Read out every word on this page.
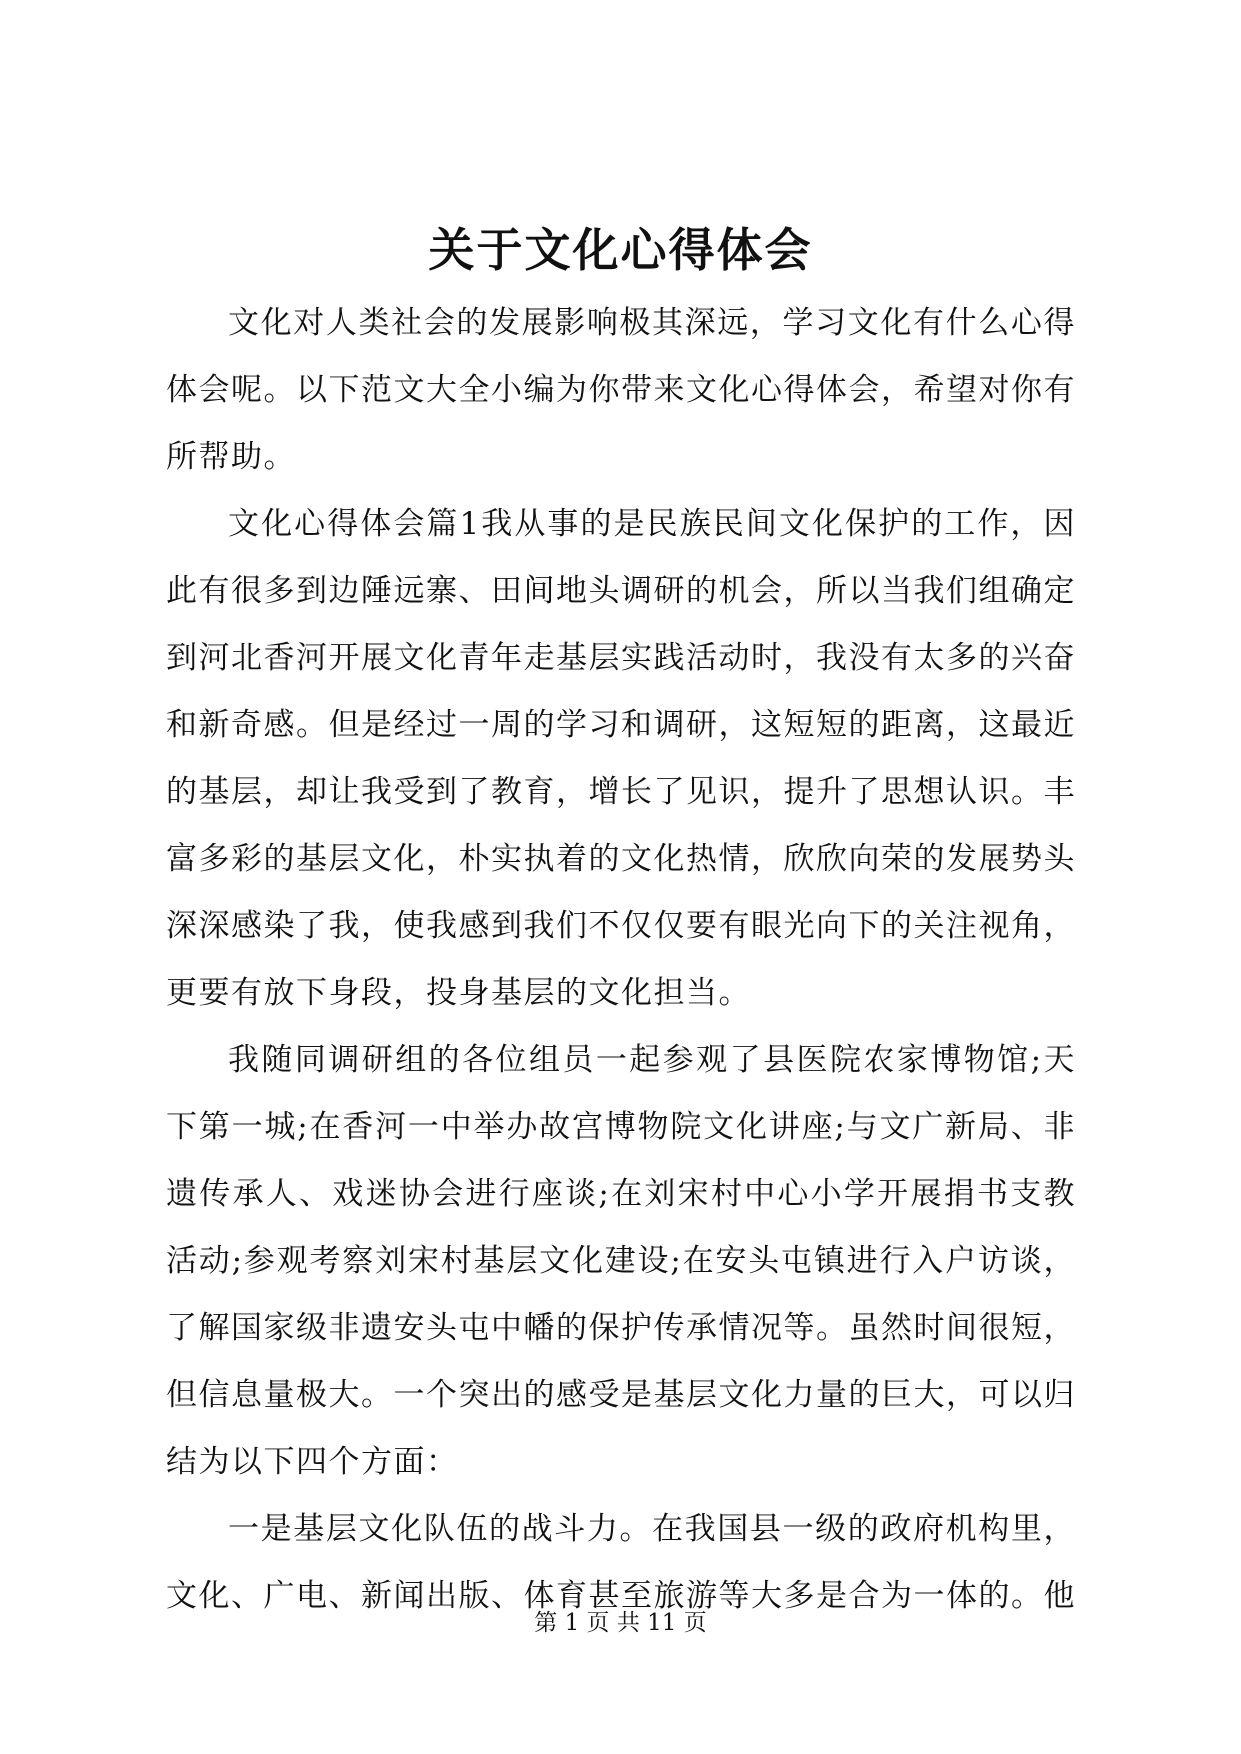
关于文化心得体会

文化对人类社会的发展影响极其深远，学习文化有什么心得体会呢。以下范文大全小编为你带来文化心得体会，希望对你有所帮助。

文化心得体会篇1我从事的是民族民间文化保护的工作，因此有很多到边陲远寨、田间地头调研的机会，所以当我们组确定到河北香河开展文化青年走基层实践活动时，我没有太多的兴奋和新奇感。但是经过一周的学习和调研，这短短的距离，这最近的基层，却让我受到了教育，增长了见识，提升了思想认识。丰富多彩的基层文化，朴实执着的文化热情，欣欣向荣的发展势头深深感染了我，使我感到我们不仅仅要有眼光向下的关注视角，更要有放下身段，投身基层的文化担当。

我随同调研组的各位组员一起参观了县医院农家博物馆;天下第一城;在香河一中举办故宫博物院文化讲座;与文广新局、非遗传承人、戏迷协会进行座谈;在刘宋村中心小学开展捐书支教活动;参观考察刘宋村基层文化建设;在安头屯镇进行入户访谈，了解国家级非遗安头屯中幡的保护传承情况等。虽然时间很短，但信息量极大。一个突出的感受是基层文化力量的巨大，可以归结为以下四个方面：

一是基层文化队伍的战斗力。在我国县一级的政府机构里，文化、广电、新闻出版、体育甚至旅游等大多是合为一体的。他

第 1 页 共 11 页
